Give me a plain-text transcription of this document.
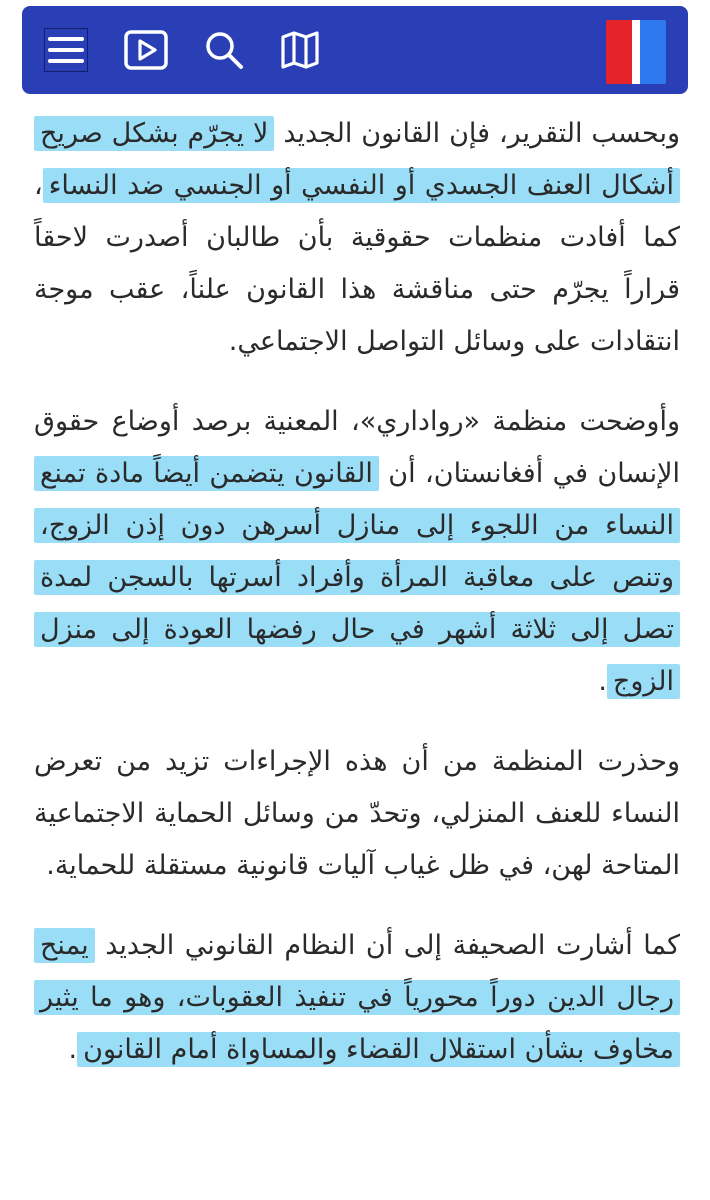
وبحسب التقرير، فإن القانون الجديد لا يجرّم بشكل صريح أشكال العنف الجسدي أو النفسي أو الجنسي ضد النساء، كما أفادت منظمات حقوقية بأن طالبان أصدرت لاحقاً قراراً يجرّم حتى مناقشة هذا القانون علناً، عقب موجة انتقادات على وسائل التواصل الاجتماعي.

وأوضحت منظمة «رواداري»، المعنية برصد أوضاع حقوق الإنسان في أفغانستان، أن القانون يتضمن أيضاً مادة تمنع النساء من اللجوء إلى منازل أسرهن دون إذن الزوج، وتنص على معاقبة المرأة وأفراد أسرتها بالسجن لمدة تصل إلى ثلاثة أشهر في حال رفضها العودة إلى منزل الزوج.

وحذرت المنظمة من أن هذه الإجراءات تزيد من تعرض النساء للعنف المنزلي، وتحدّ من وسائل الحماية الاجتماعية المتاحة لهن، في ظل غياب آليات قانونية مستقلة للحماية.

كما أشارت الصحيفة إلى أن النظام القانوني الجديد يمنح رجال الدين دوراً محورياً في تنفيذ العقوبات، وهو ما يثير مخاوف بشأن استقلال القضاء والمساواة أمام القانون.
